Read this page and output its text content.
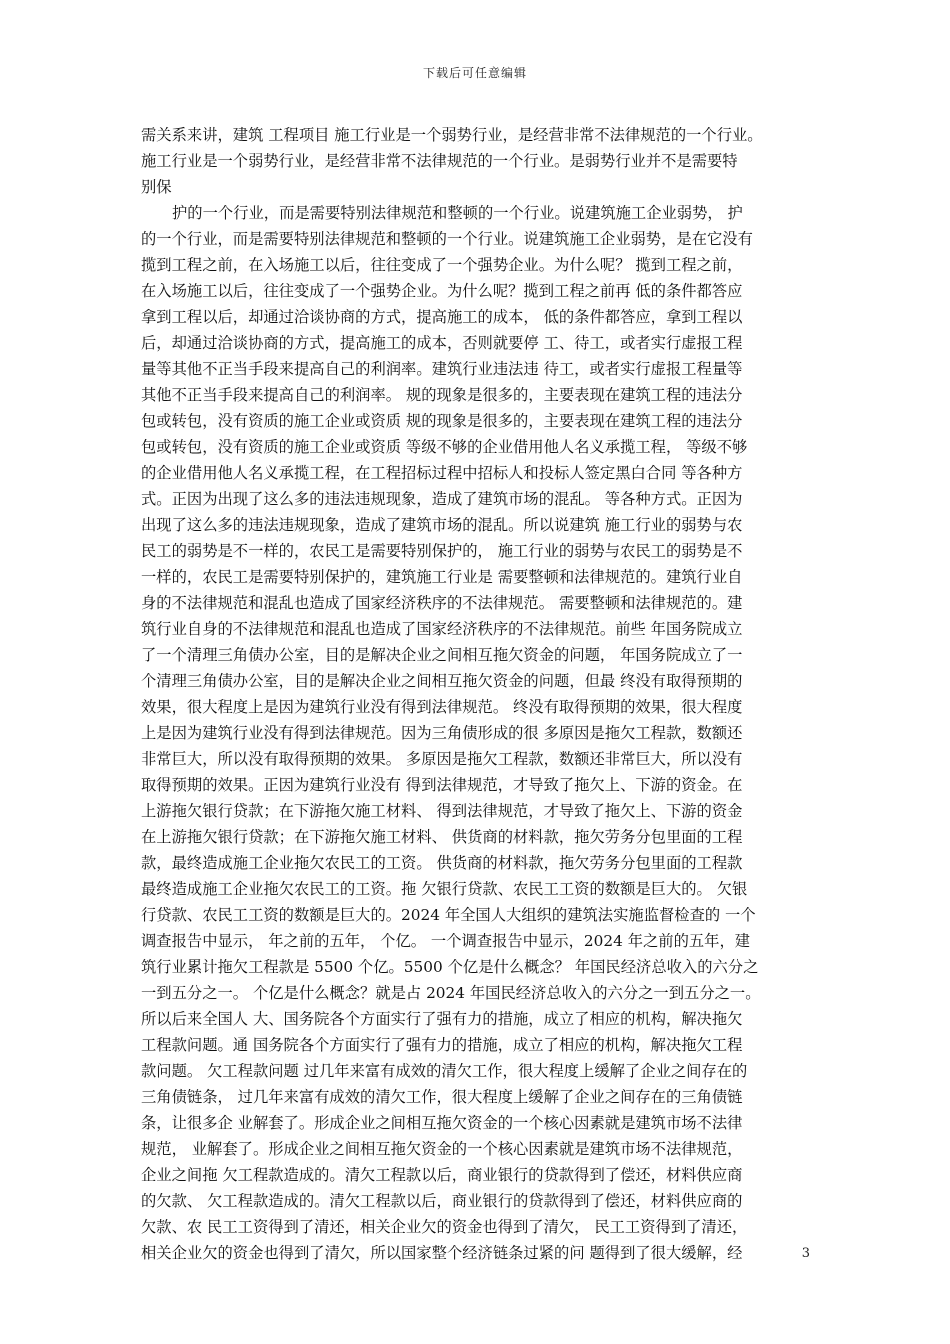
下载后可任意编辑
需关系来讲，建筑 工程项目 施工行业是一个弱势行业，是经营非常不法律规范的一个行业。
施工行业是一个弱势行业，是经营非常不法律规范的一个行业。是弱势行业并不是需要特
别保
护的一个行业，而是需要特别法律规范和整顿的一个行业。说建筑施工企业弱势， 护
的一个行业，而是需要特别法律规范和整顿的一个行业。说建筑施工企业弱势，是在它没有
揽到工程之前，在入场施工以后，往往变成了一个强势企业。为什么呢？ 揽到工程之前，
在入场施工以后，往往变成了一个强势企业。为什么呢？揽到工程之前再 低的条件都答应
拿到工程以后，却通过洽谈协商的方式，提高施工的成本， 低的条件都答应，拿到工程以
后，却通过洽谈协商的方式，提高施工的成本，否则就要停 工、待工，或者实行虚报工程
量等其他不正当手段来提高自己的利润率。建筑行业违法违 待工，或者实行虚报工程量等
其他不正当手段来提高自己的利润率。 规的现象是很多的，主要表现在建筑工程的违法分
包或转包，没有资质的施工企业或资质 规的现象是很多的，主要表现在建筑工程的违法分
包或转包，没有资质的施工企业或资质 等级不够的企业借用他人名义承揽工程， 等级不够
的企业借用他人名义承揽工程，在工程招标过程中招标人和投标人签定黑白合同 等各种方
式。正因为出现了这么多的违法违规现象，造成了建筑市场的混乱。 等各种方式。正因为
出现了这么多的违法违规现象，造成了建筑市场的混乱。所以说建筑 施工行业的弱势与农
民工的弱势是不一样的，农民工是需要特别保护的， 施工行业的弱势与农民工的弱势是不
一样的，农民工是需要特别保护的，建筑施工行业是 需要整顿和法律规范的。建筑行业自
身的不法律规范和混乱也造成了国家经济秩序的不法律规范。 需要整顿和法律规范的。建
筑行业自身的不法律规范和混乱也造成了国家经济秩序的不法律规范。前些 年国务院成立
了一个清理三角债办公室，目的是解决企业之间相互拖欠资金的问题， 年国务院成立了一
个清理三角债办公室，目的是解决企业之间相互拖欠资金的问题，但最 终没有取得预期的
效果，很大程度上是因为建筑行业没有得到法律规范。 终没有取得预期的效果，很大程度
上是因为建筑行业没有得到法律规范。因为三角债形成的很 多原因是拖欠工程款，数额还
非常巨大，所以没有取得预期的效果。 多原因是拖欠工程款，数额还非常巨大，所以没有
取得预期的效果。正因为建筑行业没有 得到法律规范，才导致了拖欠上、下游的资金。在
上游拖欠银行贷款；在下游拖欠施工材料、 得到法律规范，才导致了拖欠上、下游的资金
在上游拖欠银行贷款；在下游拖欠施工材料、 供货商的材料款，拖欠劳务分包里面的工程
款，最终造成施工企业拖欠农民工的工资。 供货商的材料款，拖欠劳务分包里面的工程款
最终造成施工企业拖欠农民工的工资。拖 欠银行贷款、农民工工资的数额是巨大的。 欠银
行贷款、农民工工资的数额是巨大的。2024 年全国人大组织的建筑法实施监督检查的 一个
调查报告中显示， 年之前的五年， 个亿。 一个调查报告中显示，2024 年之前的五年，建
筑行业累计拖欠工程款是 5500 个亿。5500 个亿是什么概念？ 年国民经济总收入的六分之
一到五分之一。 个亿是什么概念？就是占 2024 年国民经济总收入的六分之一到五分之一。
所以后来全国人 大、国务院各个方面实行了强有力的措施，成立了相应的机构，解决拖欠
工程款问题。通 国务院各个方面实行了强有力的措施，成立了相应的机构，解决拖欠工程
款问题。 欠工程款问题 过几年来富有成效的清欠工作，很大程度上缓解了企业之间存在的
三角债链条， 过几年来富有成效的清欠工作，很大程度上缓解了企业之间存在的三角债链
条，让很多企 业解套了。形成企业之间相互拖欠资金的一个核心因素就是建筑市场不法律
规范， 业解套了。形成企业之间相互拖欠资金的一个核心因素就是建筑市场不法律规范，
企业之间拖 欠工程款造成的。清欠工程款以后，商业银行的贷款得到了偿还，材料供应商
的欠款、 欠工程款造成的。清欠工程款以后，商业银行的贷款得到了偿还，材料供应商的
欠款、农 民工工资得到了清还，相关企业欠的资金也得到了清欠， 民工工资得到了清还，
相关企业欠的资金也得到了清欠，所以国家整个经济链条过紧的问 题得到了很大缓解，经	3
